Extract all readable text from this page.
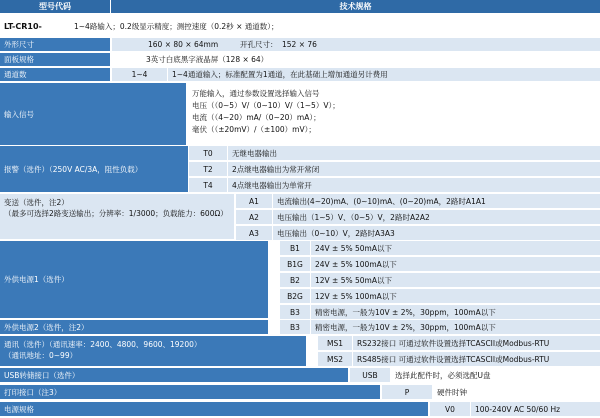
型号代码	技术规格
LT-CR10-	1~4路输入；0.2级显示精度；测控速度（0.2秒 × 通道数）；
外形尺寸	160 × 80 × 64mm	开孔尺寸： 152 × 76
面板规格	3英寸白底黑字液晶屏（128 × 64）
通道数	1~4	1~4通道输入；标准配置为1通道，在此基础上增加通道另计费用
输入信号
万能输入，通过参数设置选择输入信号
电压（（0~5）V/（0~10）V/（1~5）V）；
电流（（4~20）mA/（0~20）mA）；
毫伏（（±20mV）/（±100）mV）；
报警（选件）（250V AC/3A，阻性负载）
T0	无继电器输出
T2	2点继电器输出为常开常闭
T4	4点继电器输出为单常开
变送（选件，注2）
（最多可选择2路变送输出；分辨率：1/3000；负载能力：600Ω）
A1	电流输出(4~20)mA、(0~10)mA、(0~20)mA，2路时A1A1
A2	电压输出（1~5）V、（0~5）V，2路时A2A2
A3	电压输出（0~10）V，2路时A3A3
外供电源1（选件）
B1	24V ± 5% 50mA以下
B1G	24V ± 5% 100mA以下
B2	12V ± 5% 50mA以下
B2G	12V ± 5% 100mA以下
B3	精密电源，一般为10V ± 2%，30ppm，100mA以下
外供电源2（选件，注2）	B3	精密电源，一般为10V ± 2%，30ppm，100mA以下
通讯（选件）（通讯速率：2400、4800、9600、19200）
（通讯地址：0~99）
MS1	RS232接口 可通过软件设置选择TCASCII或Modbus-RTU
MS2	RS485接口 可通过软件设置选择TCASCII或Modbus-RTU
USB转储接口（选件）	USB	选择此配件时，必须选配U盘
打印接口（注3）	P	硬件时钟
电源规格	V0	100-240V AC 50/60 Hz
